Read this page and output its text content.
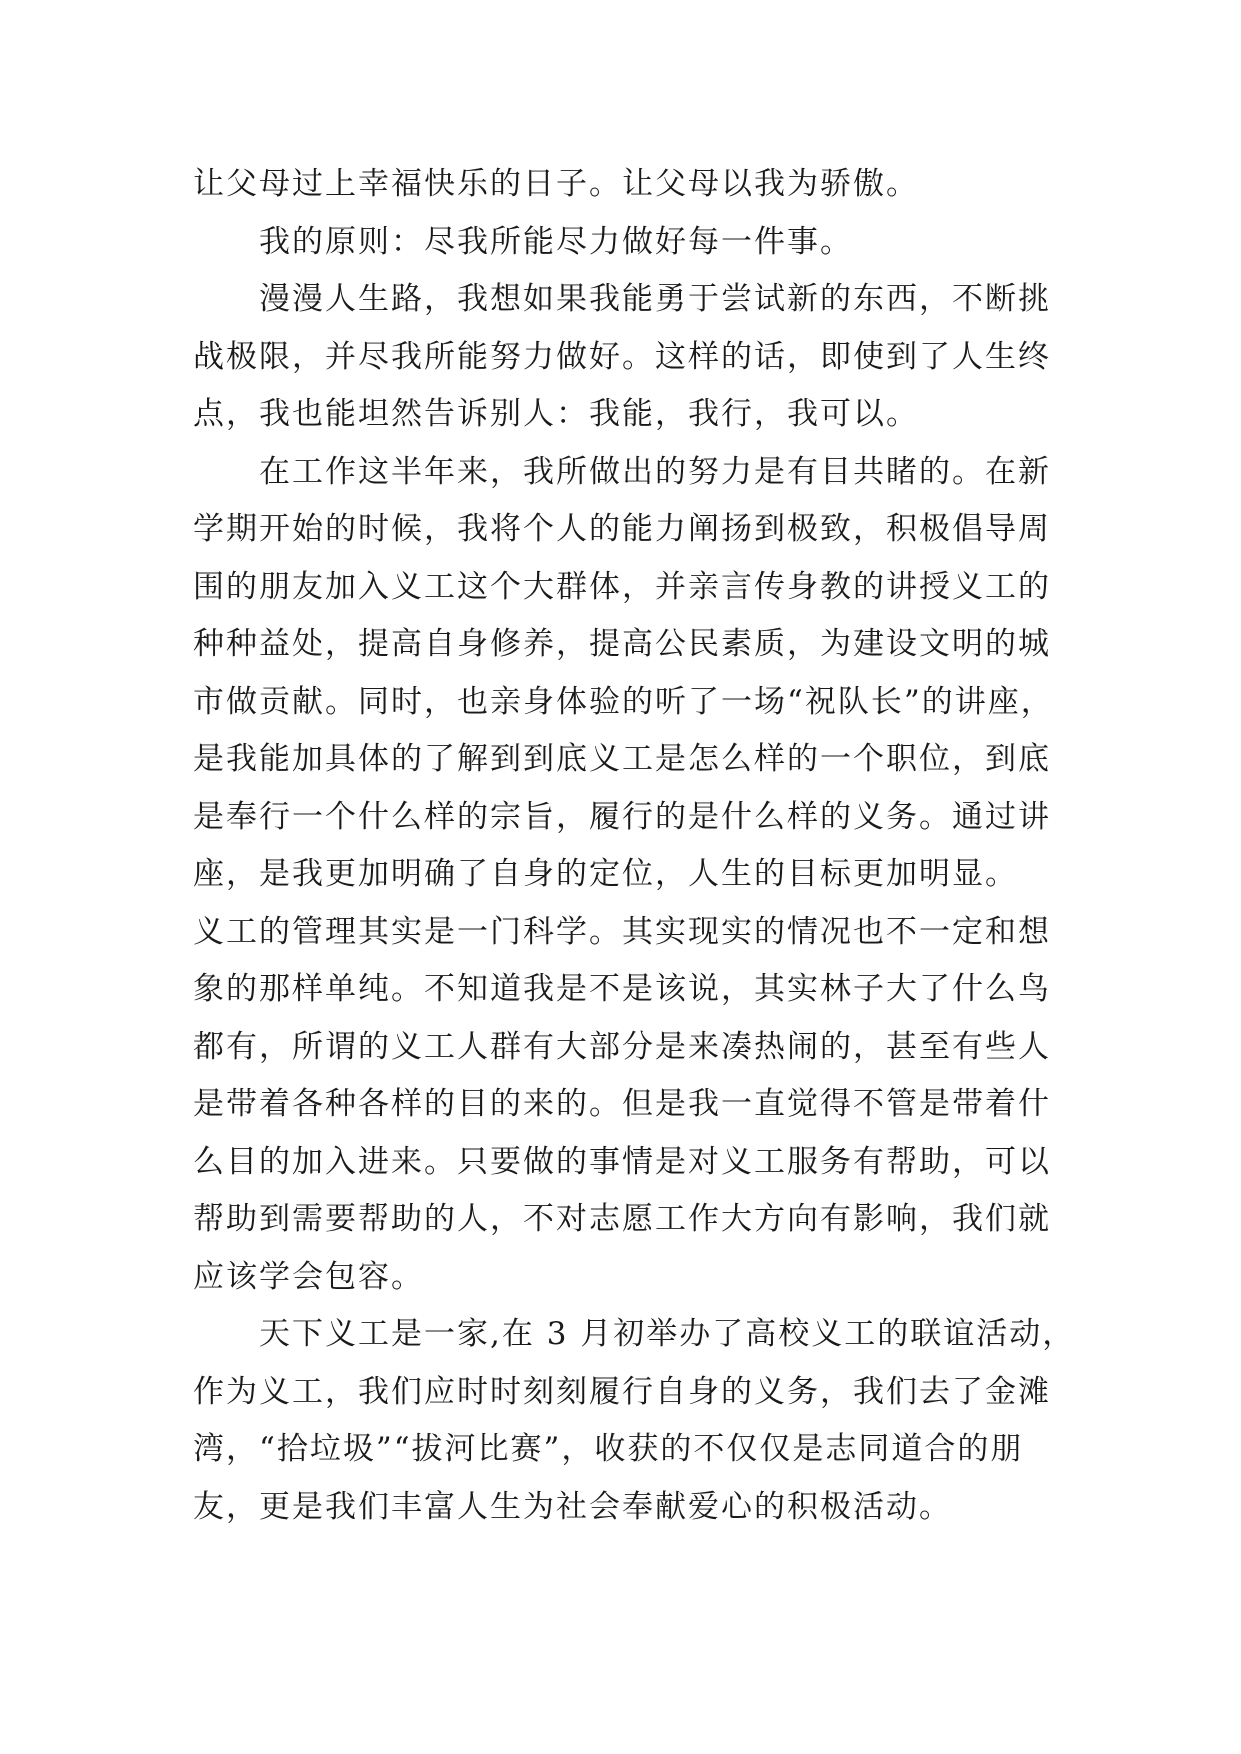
让父母过上幸福快乐的日子。让父母以我为骄傲。
我的原则：尽我所能尽力做好每一件事。
漫漫人生路，我想如果我能勇于尝试新的东西，不断挑
战极限，并尽我所能努力做好。这样的话，即使到了人生终
点，我也能坦然告诉别人：我能，我行，我可以。
在工作这半年来，我所做出的努力是有目共睹的。在新
学期开始的时候，我将个人的能力阐扬到极致，积极倡导周
围的朋友加入义工这个大群体，并亲言传身教的讲授义工的
种种益处，提高自身修养，提高公民素质，为建设文明的城
市做贡献。同时，也亲身体验的听了一场“祝队长”的讲座，
是我能加具体的了解到到底义工是怎么样的一个职位，到底
是奉行一个什么样的宗旨，履行的是什么样的义务。通过讲
座，是我更加明确了自身的定位，人生的目标更加明显。
义工的管理其实是一门科学。其实现实的情况也不一定和想
象的那样单纯。不知道我是不是该说，其实林子大了什么鸟
都有，所谓的义工人群有大部分是来凑热闹的，甚至有些人
是带着各种各样的目的来的。但是我一直觉得不管是带着什
么目的加入进来。只要做的事情是对义工服务有帮助，可以
帮助到需要帮助的人，不对志愿工作大方向有影响，我们就
应该学会包容。
天下义工是一家,在 3 月初举办了高校义工的联谊活动，
作为义工，我们应时时刻刻履行自身的义务，我们去了金滩
湾，“拾垃圾”“拔河比赛”，收获的不仅仅是志同道合的朋
友，更是我们丰富人生为社会奉献爱心的积极活动。
